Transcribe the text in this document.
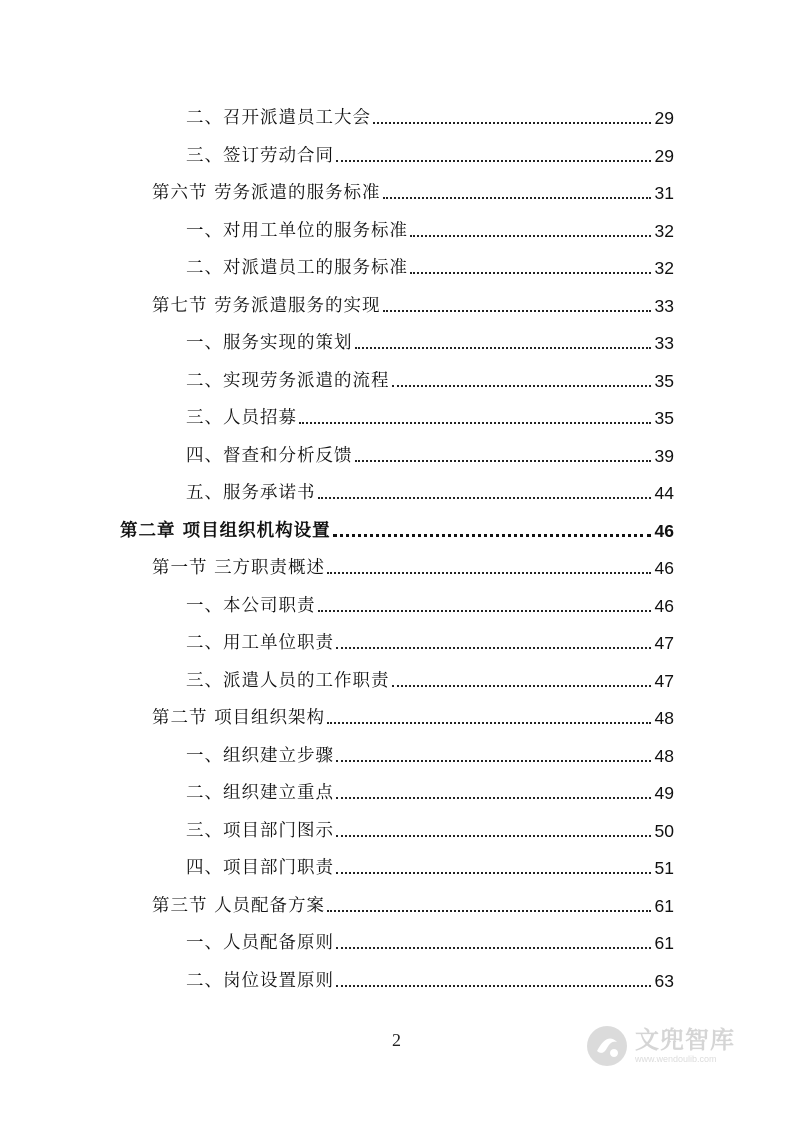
二、召开派遣员工大会	29
三、签订劳动合同	29
第六节 劳务派遣的服务标准	31
一、对用工单位的服务标准	32
二、对派遣员工的服务标准	32
第七节 劳务派遣服务的实现	33
一、服务实现的策划	33
二、实现劳务派遣的流程	35
三、人员招募	35
四、督查和分析反馈	39
五、服务承诺书	44
第二章 项目组织机构设置	46
第一节 三方职责概述	46
一、本公司职责	46
二、用工单位职责	47
三、派遣人员的工作职责	47
第二节 项目组织架构	48
一、组织建立步骤	48
二、组织建立重点	49
三、项目部门图示	50
四、项目部门职责	51
第三节 人员配备方案	61
一、人员配备原则	61
二、岗位设置原则	63
2	文兜智库
www.wendoulib.com
